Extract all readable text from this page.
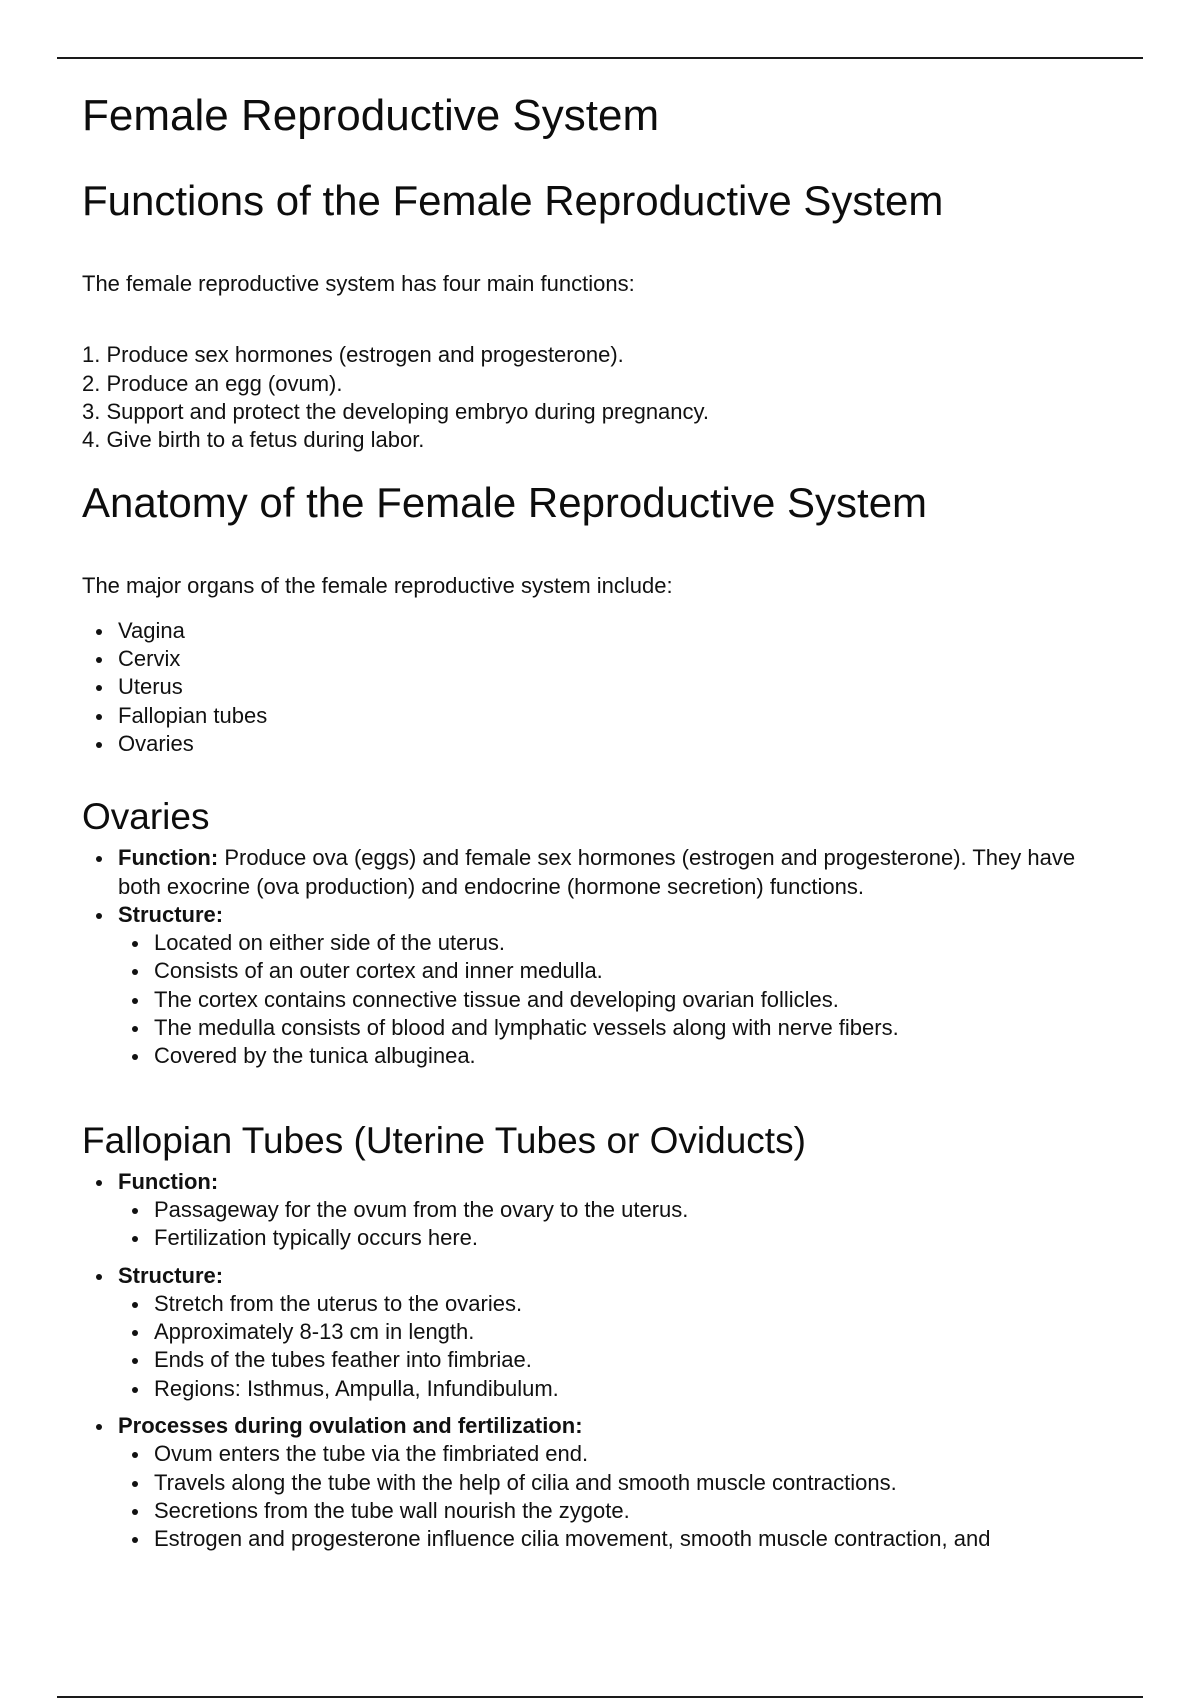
Female Reproductive System
Functions of the Female Reproductive System

The female reproductive system has four main functions:

1. Produce sex hormones (estrogen and progesterone).
2. Produce an egg (ovum).
3. Support and protect the developing embryo during pregnancy.
4. Give birth to a fetus during labor.
Anatomy of the Female Reproductive System

The major organs of the female reproductive system include:

Vagina
Cervix
Uterus
Fallopian tubes
Ovaries
Ovaries
Function: Produce ova (eggs) and female sex hormones (estrogen and progesterone). They have both exocrine (ova production) and endocrine (hormone secretion) functions.
Structure:
Located on either side of the uterus.
Consists of an outer cortex and inner medulla.
The cortex contains connective tissue and developing ovarian follicles.
The medulla consists of blood and lymphatic vessels along with nerve fibers.
Covered by the tunica albuginea.
Fallopian Tubes (Uterine Tubes or Oviducts)
Function:
Passageway for the ovum from the ovary to the uterus.
Fertilization typically occurs here.
Structure:
Stretch from the uterus to the ovaries.
Approximately 8-13 cm in length.
Ends of the tubes feather into fimbriae.
Regions: Isthmus, Ampulla, Infundibulum.
Processes during ovulation and fertilization:
Ovum enters the tube via the fimbriated end.
Travels along the tube with the help of cilia and smooth muscle contractions.
Secretions from the tube wall nourish the zygote.
Estrogen and progesterone influence cilia movement, smooth muscle contraction, and
